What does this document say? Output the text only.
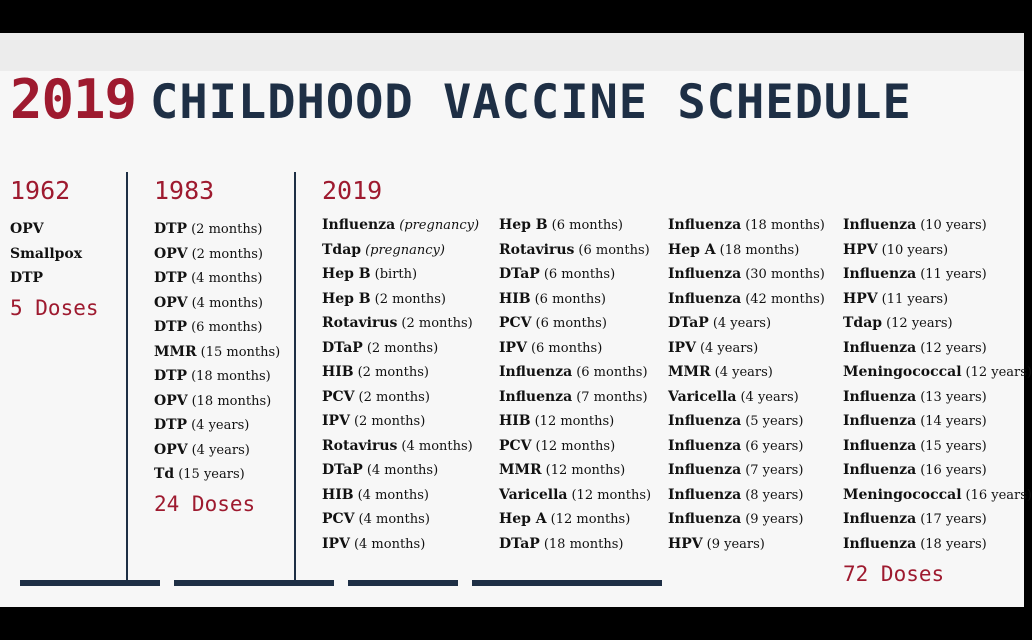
2019 CHILDHOOD VACCINE SCHEDULE
1962
OPV
Smallpox
DTP
5 Doses
1983
DTP (2 months)
OPV (2 months)
DTP (4 months)
OPV (4 months)
DTP (6 months)
MMR (15 months)
DTP (18 months)
OPV (18 months)
DTP (4 years)
OPV (4 years)
Td (15 years)
24 Doses
2019
Influenza (pregnancy)
Tdap (pregnancy)
Hep B (birth)
Hep B (2 months)
Rotavirus (2 months)
DTaP (2 months)
HIB (2 months)
PCV (2 months)
IPV (2 months)
Rotavirus (4 months)
DTaP (4 months)
HIB (4 months)
PCV (4 months)
IPV (4 months)
Hep B (6 months)
Rotavirus (6 months)
DTaP (6 months)
HIB (6 months)
PCV (6 months)
IPV (6 months)
Influenza (6 months)
Influenza (7 months)
HIB (12 months)
PCV (12 months)
MMR (12 months)
Varicella (12 months)
Hep A (12 months)
DTaP (18 months)
Influenza (18 months)
Hep A (18 months)
Influenza (30 months)
Influenza (42 months)
DTaP (4 years)
IPV (4 years)
MMR (4 years)
Varicella (4 years)
Influenza (5 years)
Influenza (6 years)
Influenza (7 years)
Influenza (8 years)
Influenza (9 years)
HPV (9 years)
Influenza (10 years)
HPV (10 years)
Influenza (11 years)
HPV (11 years)
Tdap (12 years)
Influenza (12 years)
Meningococcal (12 years)
Influenza (13 years)
Influenza (14 years)
Influenza (15 years)
Influenza (16 years)
Meningococcal (16 years)
Influenza (17 years)
Influenza (18 years)
72 Doses
